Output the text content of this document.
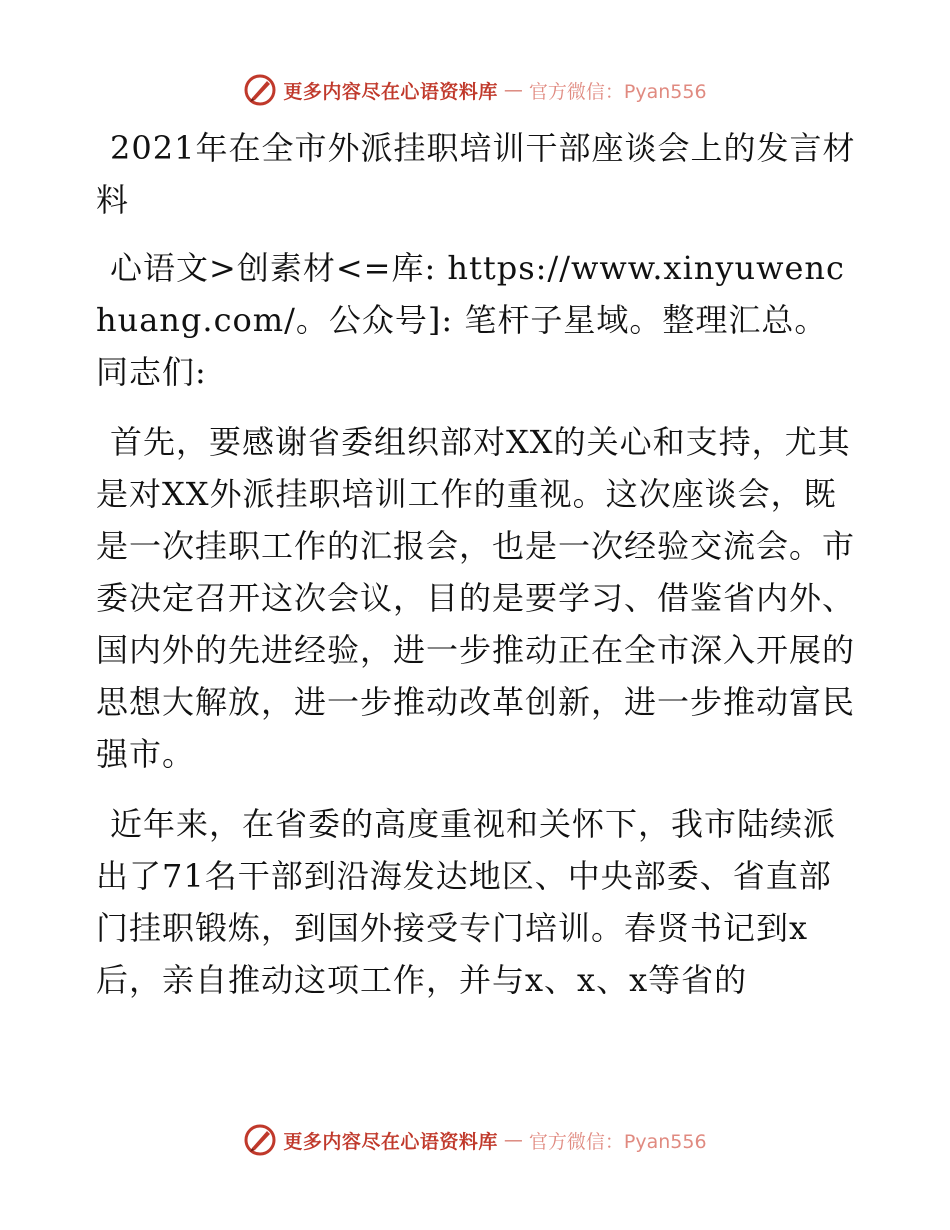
更多内容尽在心语资料库 — 官方微信：Pyan556

2021年在全市外派挂职培训干部座谈会上的发言材料

心语文>创素材<=库: https://www.xinyuwenchuang.com/。公众号]: 笔杆子星域。整理汇总。同志们:

首先，要感谢省委组织部对XX的关心和支持，尤其是对XX外派挂职培训工作的重视。这次座谈会，既是一次挂职工作的汇报会，也是一次经验交流会。市委决定召开这次会议，目的是要学习、借鉴省内外、国内外的先进经验，进一步推动正在全市深入开展的思想大解放，进一步推动改革创新，进一步推动富民强市。

近年来，在省委的高度重视和关怀下，我市陆续派出了71名干部到沿海发达地区、中央部委、省直部门挂职锻炼，到国外接受专门培训。春贤书记到x后，亲自推动这项工作，并与x、x、x等省的

更多内容尽在心语资料库 — 官方微信：Pyan556
